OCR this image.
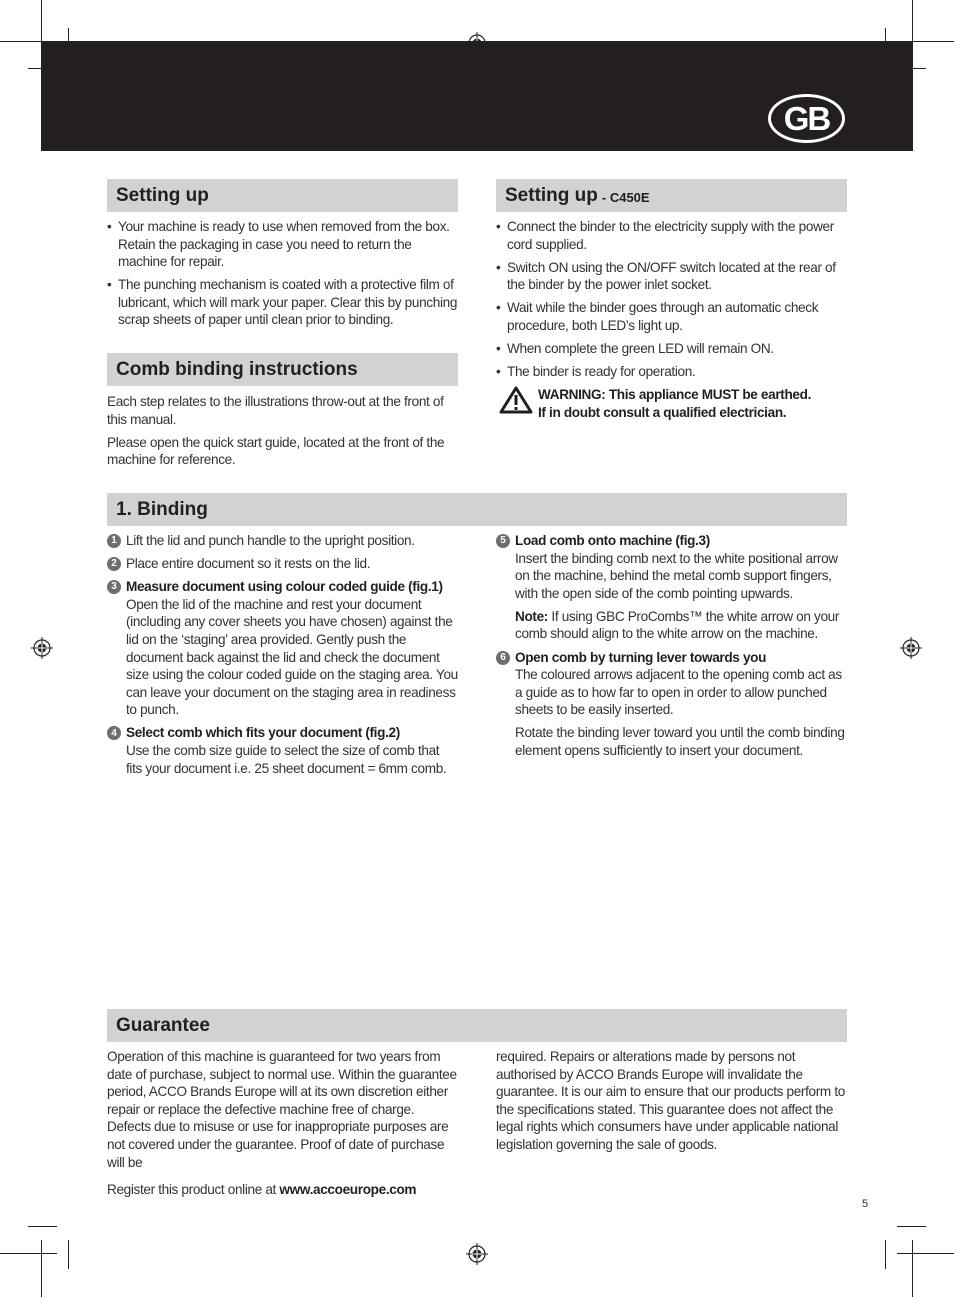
GB
Setting up
• Your machine is ready to use when removed from the box. Retain the packaging in case you need to return the machine for repair.
• The punching mechanism is coated with a protective film of lubricant, which will mark your paper. Clear this by punching scrap sheets of paper until clean prior to binding.
Comb binding instructions
Each step relates to the illustrations throw-out at the front of this manual.
Please open the quick start guide, located at the front of the machine for reference.
Setting up - C450E
• Connect the binder to the electricity supply with the power cord supplied.
• Switch ON using the ON/OFF switch located at the rear of the binder by the power inlet socket.
• Wait while the binder goes through an automatic check procedure, both LED’s light up.
• When complete the green LED will remain ON.
• The binder is ready for operation.
WARNING: This appliance MUST be earthed.
If in doubt consult a qualified electrician.
1. Binding
1 Lift the lid and punch handle to the upright position.
2 Place entire document so it rests on the lid.
3 Measure document using colour coded guide (fig.1)
Open the lid of the machine and rest your document (including any cover sheets you have chosen) against the lid on the ‘staging’ area provided. Gently push the document back against the lid and check the document size using the colour coded guide on the staging area. You can leave your document on the staging area in readiness to punch.
4 Select comb which fits your document (fig.2)
Use the comb size guide to select the size of comb that fits your document i.e. 25 sheet document = 6mm comb.
5 Load comb onto machine (fig.3)
Insert the binding comb next to the white positional arrow on the machine, behind the metal comb support fingers, with the open side of the comb pointing upwards.
Note: If using GBC ProCombs™ the white arrow on your comb should align to the white arrow on the machine.
6 Open comb by turning lever towards you
The coloured arrows adjacent to the opening comb act as a guide as to how far to open in order to allow punched sheets to be easily inserted.
Rotate the binding lever toward you until the comb binding element opens sufficiently to insert your document.
Guarantee
Operation of this machine is guaranteed for two years from date of purchase, subject to normal use. Within the guarantee period, ACCO Brands Europe will at its own discretion either repair or replace the defective machine free of charge. Defects due to misuse or use for inappropriate purposes are not covered under the guarantee. Proof of date of purchase will be
Register this product online at www.accoeurope.com
required. Repairs or alterations made by persons not authorised by ACCO Brands Europe will invalidate the guarantee. It is our aim to ensure that our products perform to the specifications stated. This guarantee does not affect the legal rights which consumers have under applicable national legislation governing the sale of goods.
5
